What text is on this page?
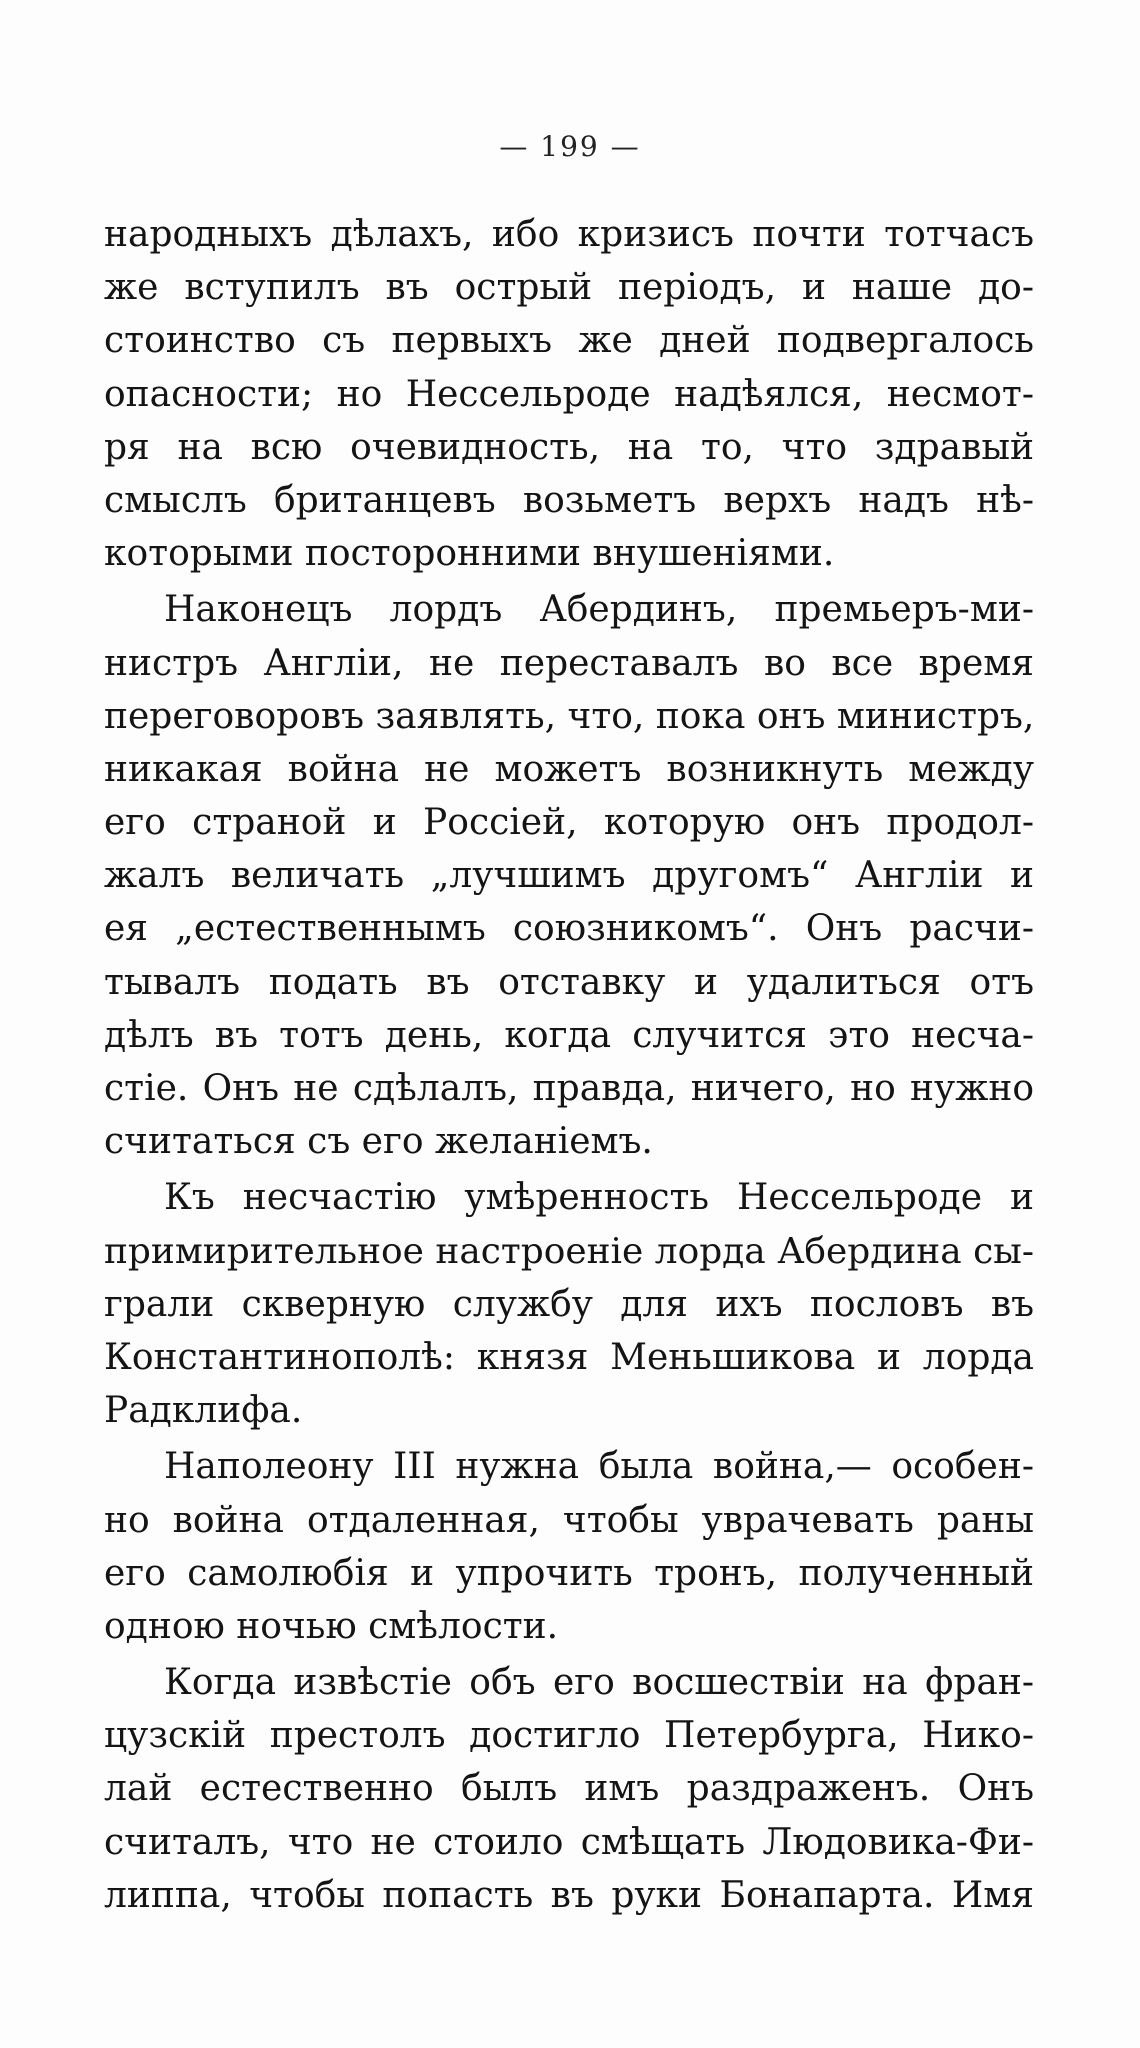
— 199 —
народныхъ дѣлахъ, ибо кризисъ почти тотчасъ
же вступилъ въ острый періодъ, и наше до-
стоинство съ первыхъ же дней подвергалось
опасности; но Нессельроде надѣялся, несмот-
ря на всю очевидность, на то, что здравый
смыслъ британцевъ возьметъ верхъ надъ нѣ-
которыми посторонними внушеніями.
Наконецъ лордъ Абердинъ, премьеръ-ми-
нистръ Англіи, не переставалъ во все время
переговоровъ заявлять, что, пока онъ министръ,
никакая война не можетъ возникнуть между
его страной и Россіей, которую онъ продол-
жалъ величать „лучшимъ другомъ“ Англіи и
ея „естественнымъ союзникомъ“. Онъ расчи-
тывалъ подать въ отставку и удалиться отъ
дѣлъ въ тотъ день, когда случится это несча-
стіе. Онъ не сдѣлалъ, правда, ничего, но нужно
считаться съ его желаніемъ.
Къ несчастію умѣренность Нессельроде и
примирительное настроеніе лорда Абердина сы-
грали скверную службу для ихъ пословъ въ
Константинополѣ: князя Меньшикова и лорда
Радклифа.
Наполеону III нужна была война,— особен-
но война отдаленная, чтобы уврачевать раны
его самолюбія и упрочить тронъ, полученный
одною ночью смѣлости.
Когда извѣстіе объ его восшествіи на фран-
цузскій престолъ достигло Петербурга, Нико-
лай естественно былъ имъ раздраженъ. Онъ
считалъ, что не стоило смѣщать Людовика-Фи-
липпа, чтобы попасть въ руки Бонапарта. Имя
